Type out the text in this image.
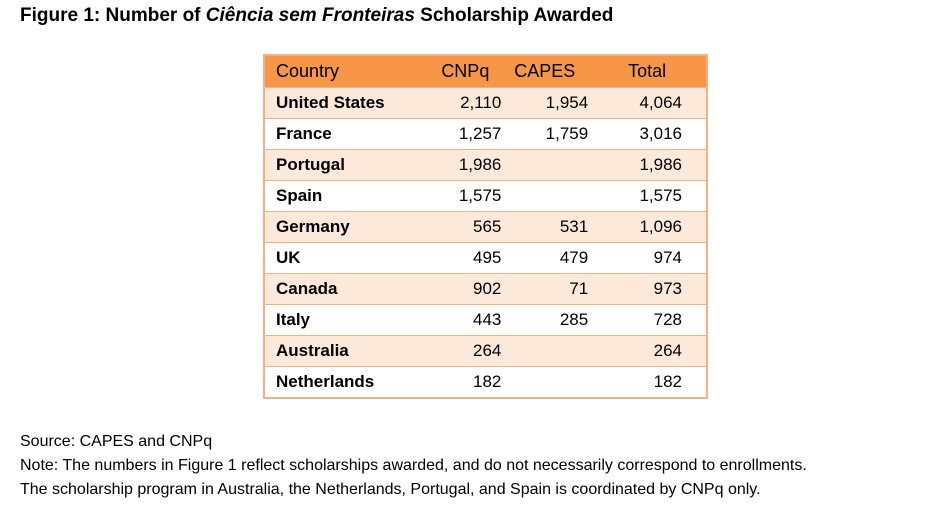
Figure 1: Number of Ciência sem Fronteiras Scholarship Awarded
Country	CNPq	CAPES	Total
United States	2,110	1,954	4,064
France	1,257	1,759	3,016
Portugal	1,986		1,986
Spain	1,575		1,575
Germany	565	531	1,096
UK	495	479	974
Canada	902	71	973
Italy	443	285	728
Australia	264		264
Netherlands	182		182
Source: CAPES and CNPq
Note: The numbers in Figure 1 reflect scholarships awarded, and do not necessarily correspond to enrollments.
The scholarship program in Australia, the Netherlands, Portugal, and Spain is coordinated by CNPq only.
